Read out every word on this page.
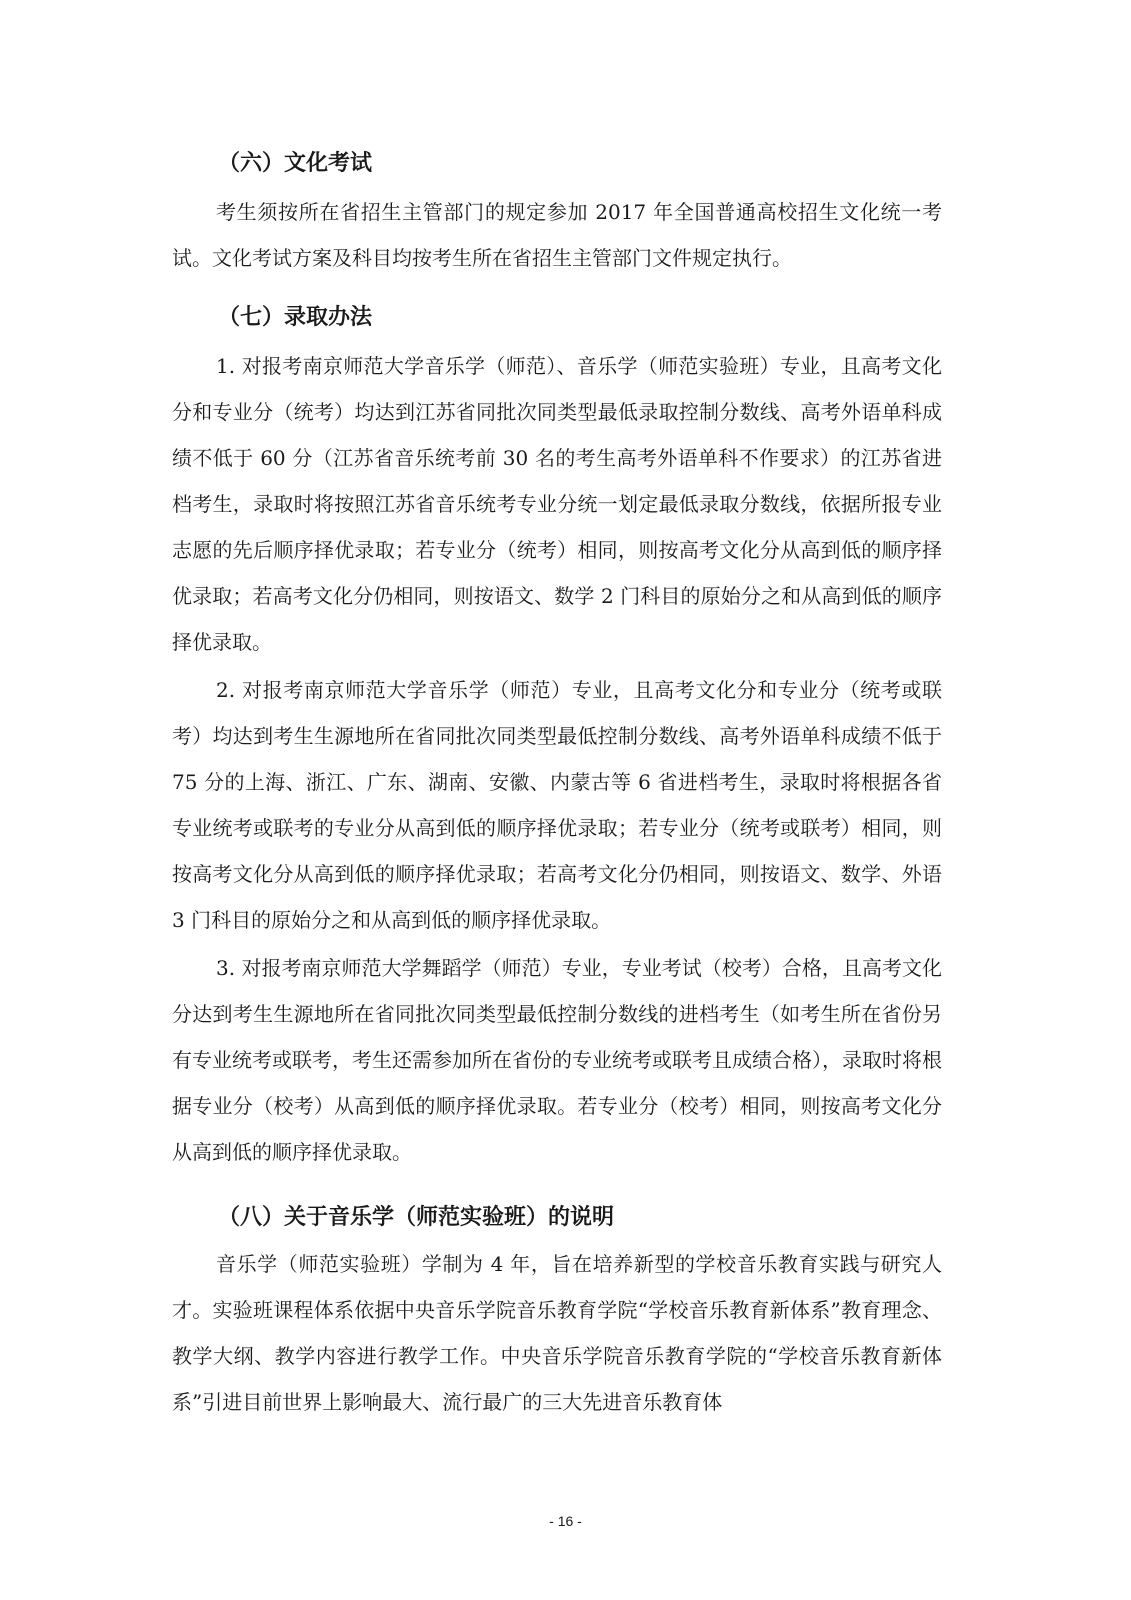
（六）文化考试
考生须按所在省招生主管部门的规定参加 2017 年全国普通高校招生文化统一考试。文化考试方案及科目均按考生所在省招生主管部门文件规定执行。
（七）录取办法
1. 对报考南京师范大学音乐学（师范）、音乐学（师范实验班）专业，且高考文化分和专业分（统考）均达到江苏省同批次同类型最低录取控制分数线、高考外语单科成绩不低于 60 分（江苏省音乐统考前 30 名的考生高考外语单科不作要求）的江苏省进档考生，录取时将按照江苏省音乐统考专业分统一划定最低录取分数线，依据所报专业志愿的先后顺序择优录取；若专业分（统考）相同，则按高考文化分从高到低的顺序择优录取；若高考文化分仍相同，则按语文、数学 2 门科目的原始分之和从高到低的顺序择优录取。
2. 对报考南京师范大学音乐学（师范）专业，且高考文化分和专业分（统考或联考）均达到考生生源地所在省同批次同类型最低控制分数线、高考外语单科成绩不低于 75 分的上海、浙江、广东、湖南、安徽、内蒙古等 6 省进档考生，录取时将根据各省专业统考或联考的专业分从高到低的顺序择优录取；若专业分（统考或联考）相同，则按高考文化分从高到低的顺序择优录取；若高考文化分仍相同，则按语文、数学、外语 3 门科目的原始分之和从高到低的顺序择优录取。
3. 对报考南京师范大学舞蹈学（师范）专业，专业考试（校考）合格，且高考文化分达到考生生源地所在省同批次同类型最低控制分数线的进档考生（如考生所在省份另有专业统考或联考，考生还需参加所在省份的专业统考或联考且成绩合格），录取时将根据专业分（校考）从高到低的顺序择优录取。若专业分（校考）相同，则按高考文化分从高到低的顺序择优录取。
（八）关于音乐学（师范实验班）的说明
音乐学（师范实验班）学制为 4 年，旨在培养新型的学校音乐教育实践与研究人才。实验班课程体系依据中央音乐学院音乐教育学院“学校音乐教育新体系”教育理念、教学大纲、教学内容进行教学工作。中央音乐学院音乐教育学院的“学校音乐教育新体系”引进目前世界上影响最大、流行最广的三大先进音乐教育体
- 16 -
